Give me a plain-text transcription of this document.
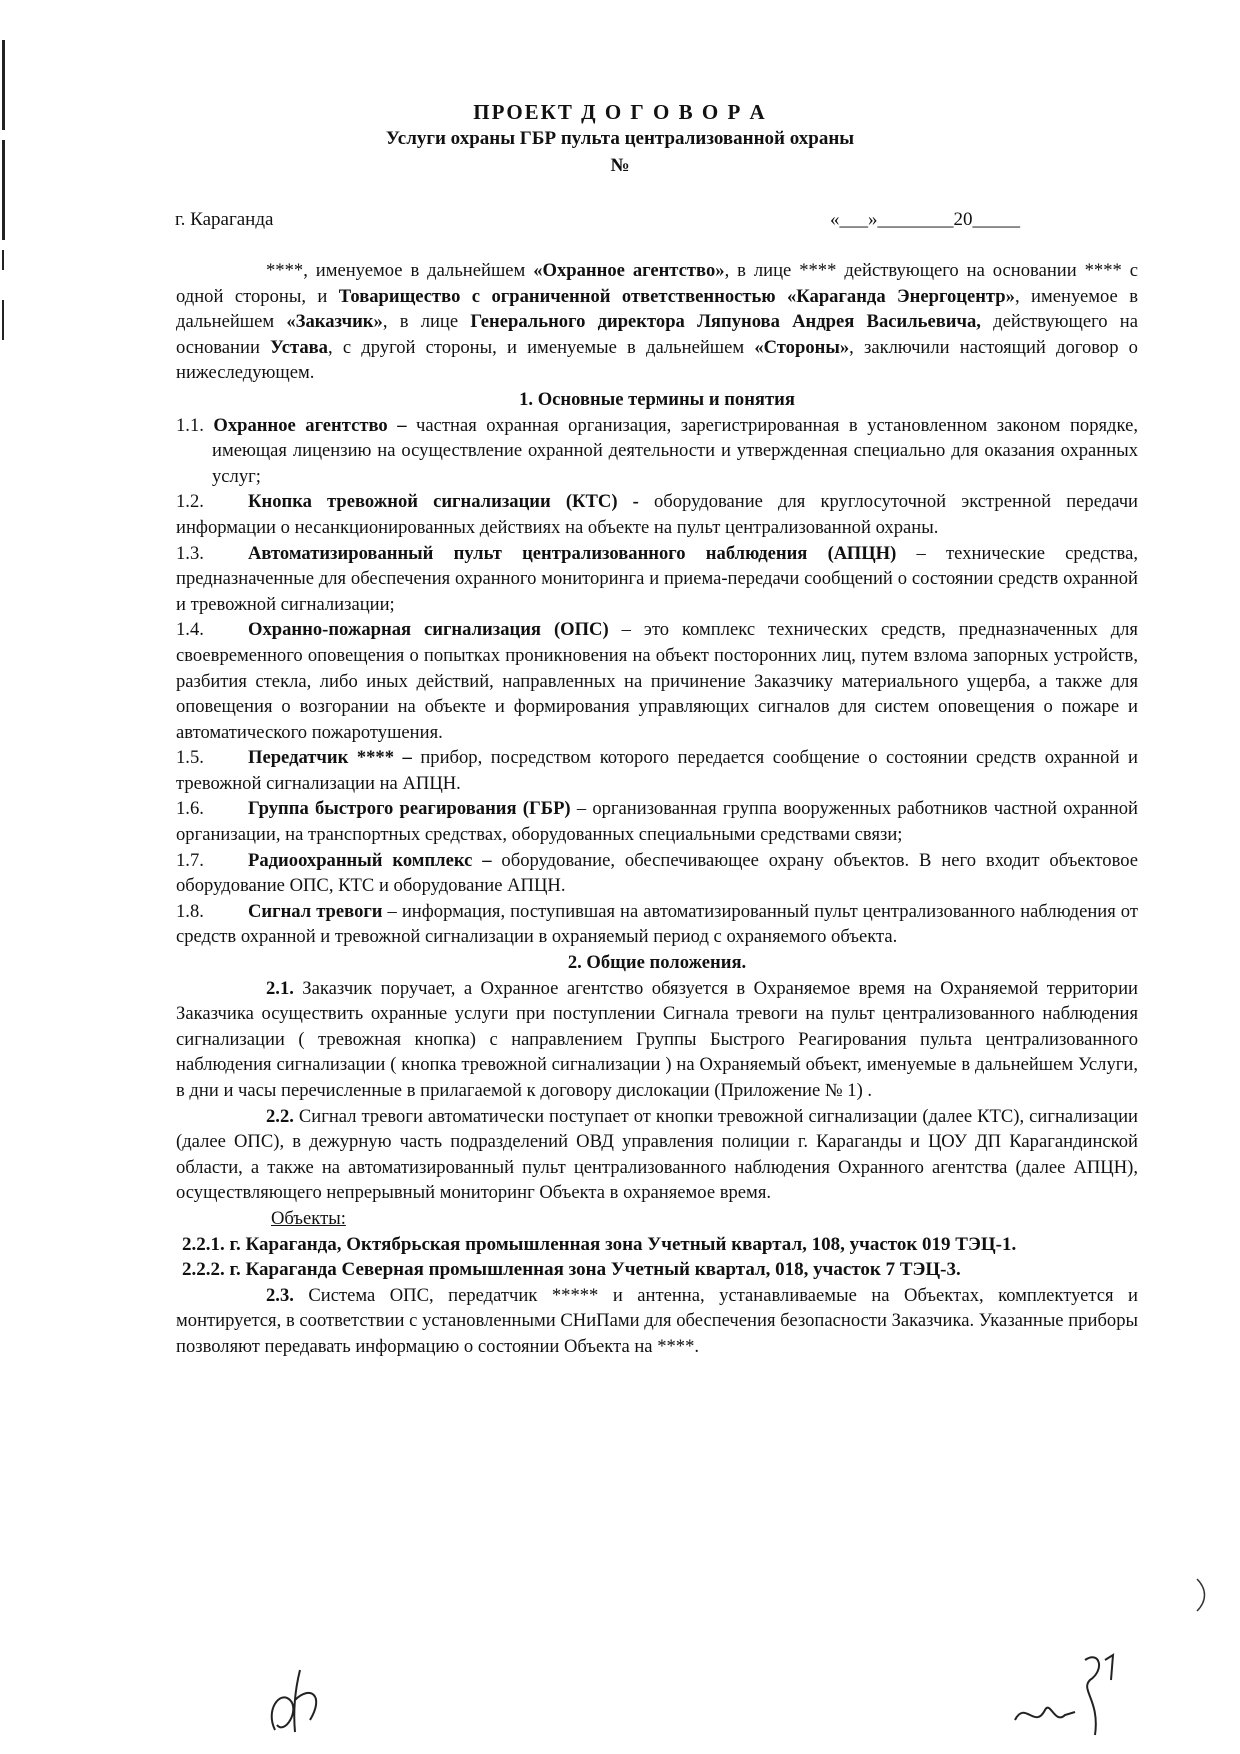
ПРОЕКТ Д О Г О В О Р А
Услуги охраны ГБР пульта централизованной охраны
№
г. Караганда	«___»________20_____

****, именуемое в дальнейшем «Охранное агентство», в лице **** действующего на основании **** с одной стороны, и Товарищество с ограниченной ответственностью «Караганда Энергоцентр», именуемое в дальнейшем «Заказчик», в лице Генерального директора Ляпунова Андрея Васильевича, действующего на основании Устава, с другой стороны, и именуемые в дальнейшем «Стороны», заключили настоящий договор о нижеследующем.

1. Основные термины и понятия

1.1. Охранное агентство – частная охранная организация, зарегистрированная в установленном законом порядке, имеющая лицензию на осуществление охранной деятельности и утвержденная специально для оказания охранных услуг;

1.2. Кнопка тревожной сигнализации (КТС) - оборудование для круглосуточной экстренной передачи информации о несанкционированных действиях на объекте на пульт централизованной охраны.

1.3. Автоматизированный пульт централизованного наблюдения (АПЦН) – технические средства, предназначенные для обеспечения охранного мониторинга и приема-передачи сообщений о состоянии средств охранной и тревожной сигнализации;

1.4. Охранно-пожарная сигнализация (ОПС) – это комплекс технических средств, предназначенных для своевременного оповещения о попытках проникновения на объект посторонних лиц, путем взлома запорных устройств, разбития стекла, либо иных действий, направленных на причинение Заказчику материального ущерба, а также для оповещения о возгорании на объекте и формирования управляющих сигналов для систем оповещения о пожаре и автоматического пожаротушения.

1.5. Передатчик **** – прибор, посредством которого передается сообщение о состоянии средств охранной и тревожной сигнализации на АПЦН.

1.6. Группа быстрого реагирования (ГБР) – организованная группа вооруженных работников частной охранной организации, на транспортных средствах, оборудованных специальными средствами связи;

1.7. Радиоохранный комплекс – оборудование, обеспечивающее охрану объектов. В него входит объектовое оборудование ОПС, КТС и оборудование АПЦН.

1.8. Сигнал тревоги – информация, поступившая на автоматизированный пульт централизованного наблюдения от средств охранной и тревожной сигнализации в охраняемый период с охраняемого объекта.

2. Общие положения.

2.1. Заказчик поручает, а Охранное агентство обязуется в Охраняемое время на Охраняемой территории Заказчика осуществить охранные услуги при поступлении Сигнала тревоги на пульт централизованного наблюдения сигнализации ( тревожная кнопка) с направлением Группы Быстрого Реагирования пульта централизованного наблюдения сигнализации ( кнопка тревожной сигнализации ) на Охраняемый объект, именуемые в дальнейшем Услуги, в дни и часы перечисленные в прилагаемой к договору дислокации (Приложение № 1) .

2.2. Сигнал тревоги автоматически поступает от кнопки тревожной сигнализации (далее КТС), сигнализации (далее ОПС), в дежурную часть подразделений ОВД управления полиции г. Караганды и ЦОУ ДП Карагандинской области, а также на автоматизированный пульт централизованного наблюдения Охранного агентства (далее АПЦН), осуществляющего непрерывный мониторинг Объекта в охраняемое время.

Объекты:

2.2.1. г. Караганда, Октябрьская промышленная зона Учетный квартал, 108, участок 019 ТЭЦ-1.

2.2.2. г. Караганда Северная промышленная зона Учетный квартал, 018, участок 7 ТЭЦ-3.

2.3. Система ОПС, передатчик ***** и антенна, устанавливаемые на Объектах, комплектуется и монтируется, в соответствии с установленными СНиПами для обеспечения безопасности Заказчика. Указанные приборы позволяют передавать информацию о состоянии Объекта на ****.
